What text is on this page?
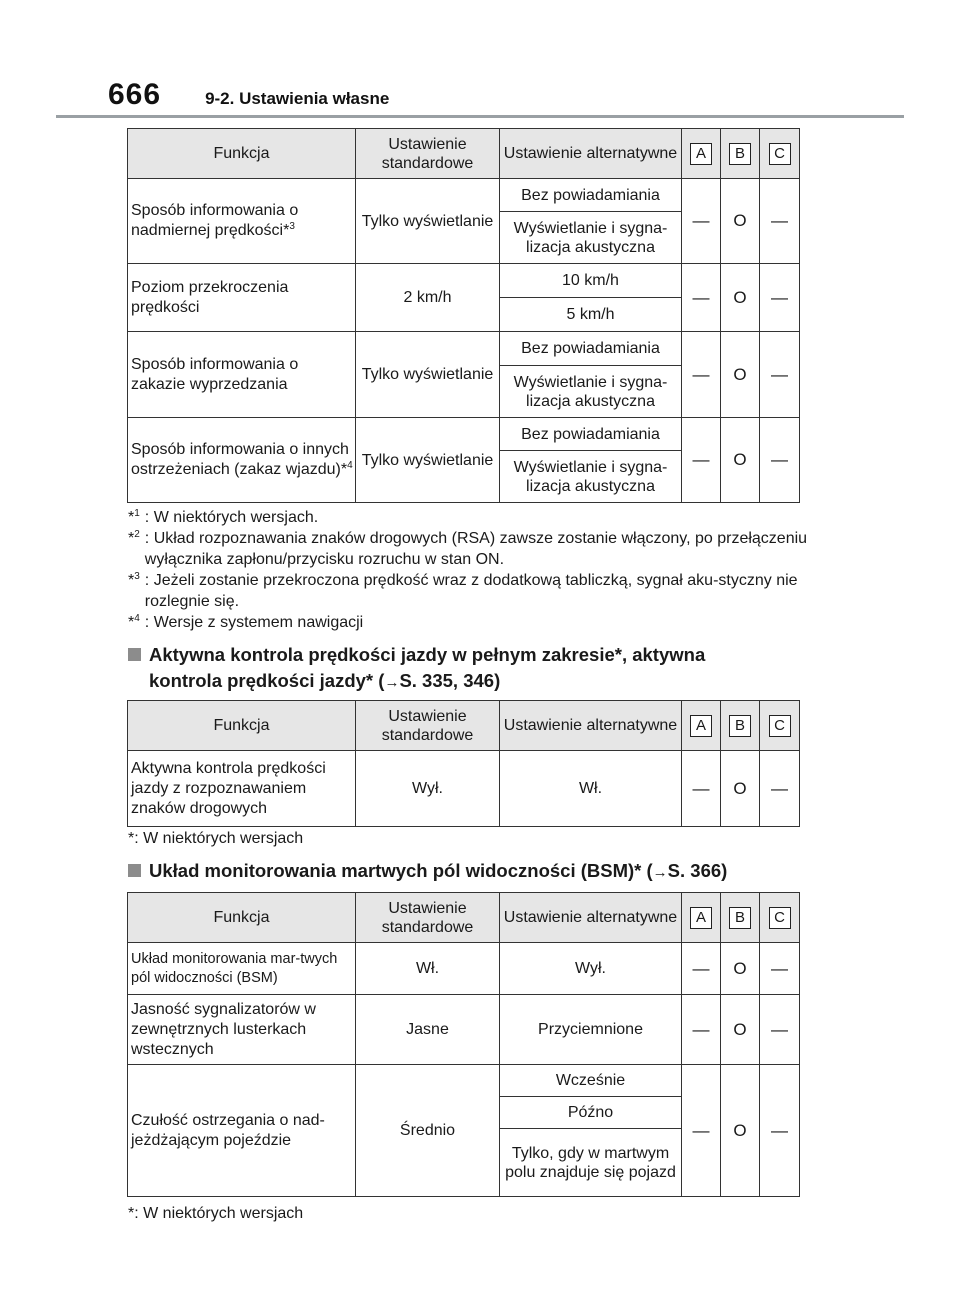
666	9-2. Ustawienia własne
Funkcja	Ustawienie standardowe	Ustawienie alternatywne	A	B	C
Sposób informowania o nadmiernej prędkości*$^3$	Tylko wyświetlanie	Bez powiadamiania	—	O	—
		Wyświetlanie i sygna-lizacja akustyczna			
Poziom przekroczenia prędkości	2 km/h	10 km/h	—	O	—
		5 km/h			
Sposób informowania o zakazie wyprzedzania	Tylko wyświetlanie	Bez powiadamiania	—	O	—
		Wyświetlanie i sygna-lizacja akustyczna			
Sposób informowania o innych ostrzeżeniach (zakaz wjazdu)*$^4$	Tylko wyświetlanie	Bez powiadamiania	—	O	—
		Wyświetlanie i sygna-lizacja akustyczna			
*$^1$ : W niektórych wersjach.
*$^2$ : Układ rozpoznawania znaków drogowych (RSA) zawsze zostanie włączony, po przełączeniu wyłącznika zapłonu/przycisku rozruchu w stan ON.
*$^3$ : Jeżeli zostanie przekroczona prędkość wraz z dodatkową tabliczką, sygnał aku-styczny nie rozlegnie się.
*$^4$ : Wersje z systemem nawigacji
Aktywna kontrola prędkości jazdy w pełnym zakresie*, aktywna
kontrola prędkości jazdy* (→S. 335, 346)
Funkcja	Ustawienie standardowe	Ustawienie alternatywne	A	B	C
Aktywna kontrola prędkości jazdy z rozpoznawaniem znaków drogowych	Wył.	Wł.	—	O	—
*: W niektórych wersjach
Układ monitorowania martwych pól widoczności (BSM)* (→S. 366)
Funkcja	Ustawienie standardowe	Ustawienie alternatywne	A	B	C
Układ monitorowania mar-twych pól widoczności (BSM)	Wł.	Wył.	—	O	—
Jasność sygnalizatorów w zewnętrznych lusterkach wstecznych	Jasne	Przyciemnione	—	O	—
Czułość ostrzegania o nad-jeżdżającym pojeździe	Średnio	Wcześnie	—	O	—
		Późno			
		Tylko, gdy w martwym polu znajduje się pojazd			
*: W niektórych wersjach
